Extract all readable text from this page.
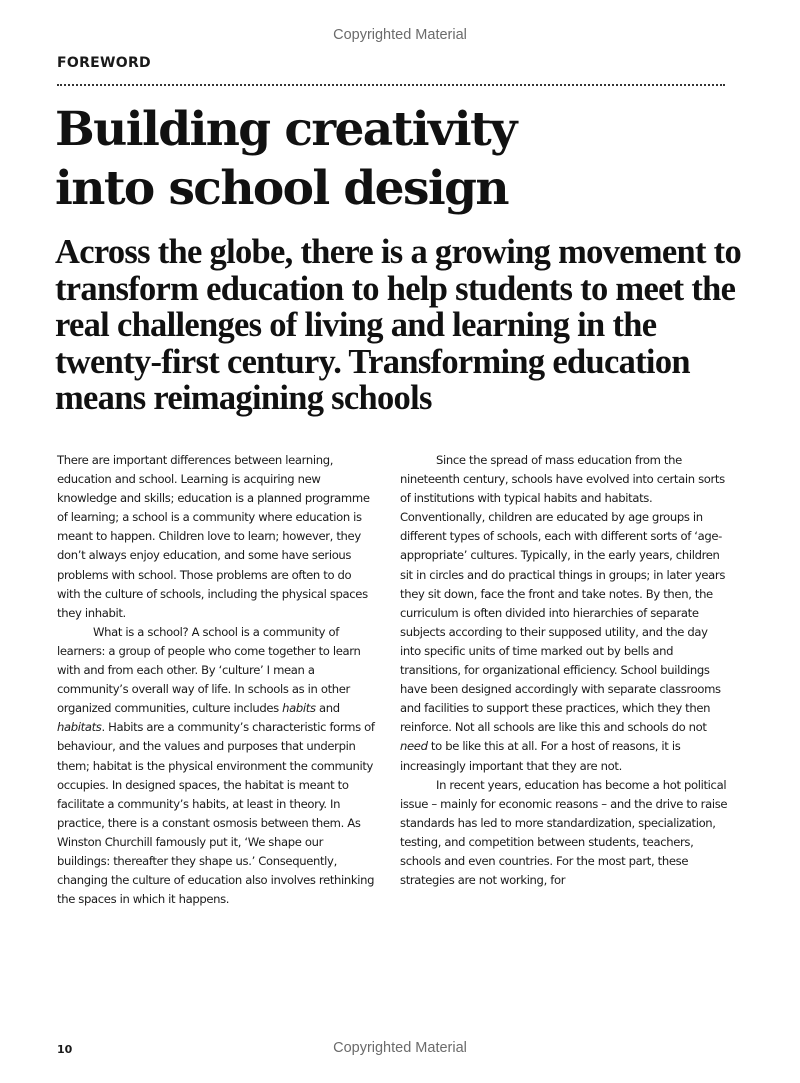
Copyrighted Material
FOREWORD
Building creativity
into school design
Across the globe, there is a growing movement to transform education to help students to meet the real challenges of living and learning in the twenty-first century. Transforming education means reimagining schools

There are important differences between learning, education and school. Learning is acquiring new knowledge and skills; education is a planned programme of learning; a school is a community where education is meant to happen. Children love to learn; however, they don’t always enjoy education, and some have serious problems with school. Those problems are often to do with the culture of schools, including the physical spaces they inhabit.

What is a school? A school is a community of learners: a group of people who come together to learn with and from each other. By ‘culture’ I mean a community’s overall way of life. In schools as in other organized communities, culture includes habits and habitats. Habits are a community’s characteristic forms of behaviour, and the values and purposes that underpin them; habitat is the physical environment the community occupies. In designed spaces, the habitat is meant to facilitate a community’s habits, at least in theory. In practice, there is a constant osmosis between them. As Winston Churchill famously put it, ‘We shape our buildings: thereafter they shape us.’ Consequently, changing the culture of education also involves rethinking the spaces in which it happens.

Since the spread of mass education from the nineteenth century, schools have evolved into certain sorts of institutions with typical habits and habitats. Conventionally, children are educated by age groups in different types of schools, each with different sorts of ‘age-appropriate’ cultures. Typically, in the early years, children sit in circles and do practical things in groups; in later years they sit down, face the front and take notes. By then, the curriculum is often divided into hierarchies of separate subjects according to their supposed utility, and the day into specific units of time marked out by bells and transitions, for organizational efficiency. School buildings have been designed accordingly with separate classrooms and facilities to support these practices, which they then reinforce. Not all schools are like this and schools do not need to be like this at all. For a host of reasons, it is increasingly important that they are not.

In recent years, education has become a hot political issue – mainly for economic reasons – and the drive to raise standards has led to more standardization, specialization, testing, and competition between students, teachers, schools and even countries. For the most part, these strategies are not working, for

10	Copyrighted Material
